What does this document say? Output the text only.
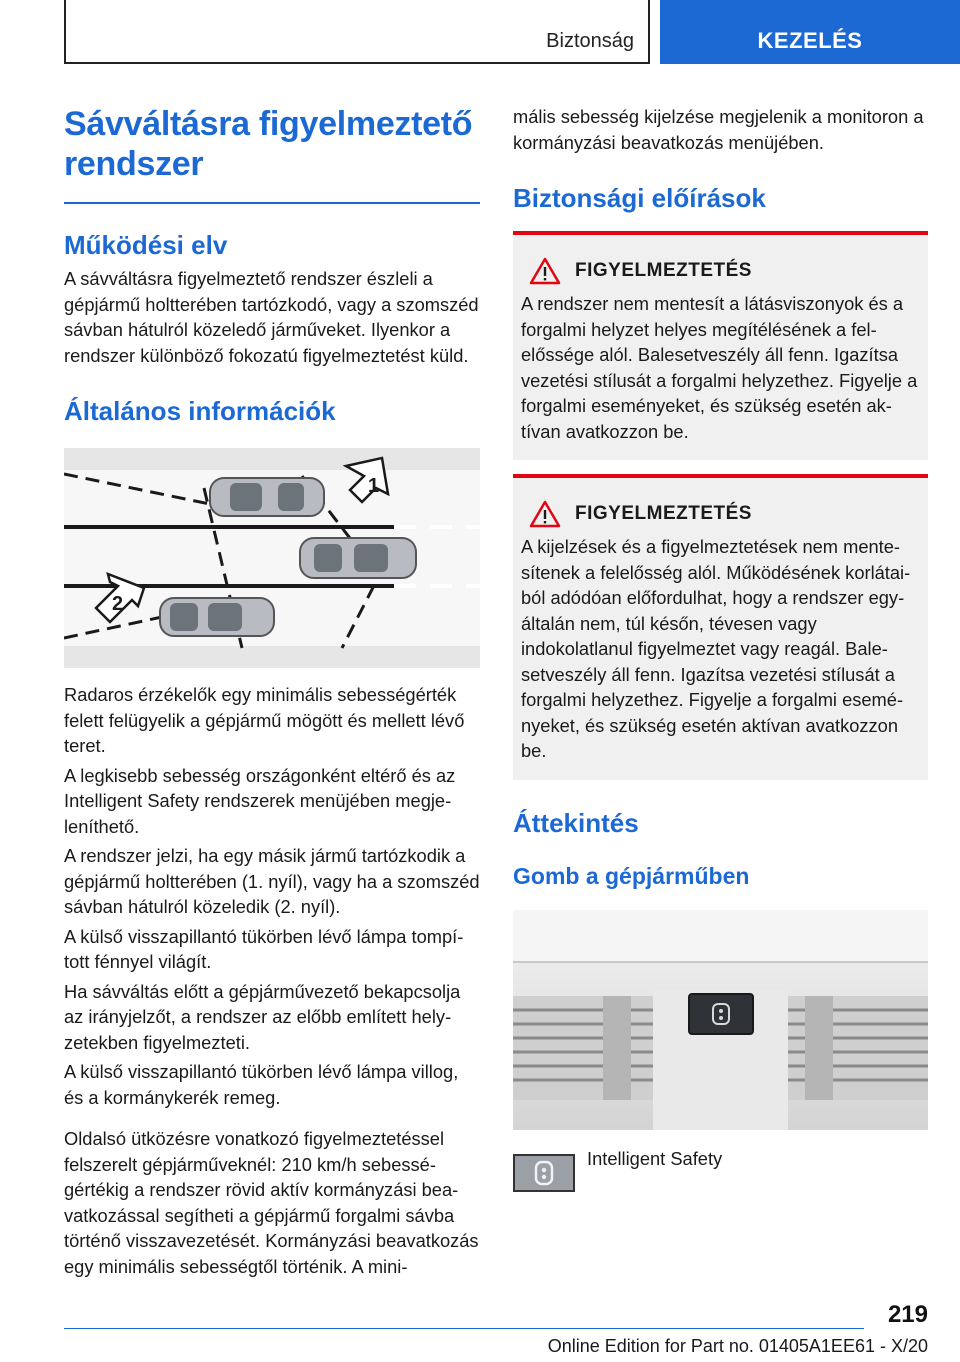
Biztonság	KEZELÉS
Sávváltásra figyelmeztető rendszer
Működési elv

A sávváltásra figyelmeztető rendszer észleli a gépjármű holtterében tartózkodó, vagy a szomszéd sávban hátulról közeledő járműveket. Ilyenkor a rendszer különböző fokozatú figyelmeztetést küld.

Általános információk
1
2

Radaros érzékelők egy minimális sebességérték felett felügyelik a gépjármű mögött és mellett lévő teret.

A legkisebb sebesség országonként eltérő és az Intelligent Safety rendszerek menüjében megjeleníthető.

A rendszer jelzi, ha egy másik jármű tartózkodik a gépjármű holtterében (1. nyíl), vagy ha a szomszéd sávban hátulról közeledik (2. nyíl).

A külső visszapillantó tükörben lévő lámpa tompított fénnyel világít.

Ha sávváltás előtt a gépjárművezető bekapcsolja az irányjelzőt, a rendszer az előbb említett helyzetekben figyelmezteti.

A külső visszapillantó tükörben lévő lámpa villog, és a kormánykerék remeg.

Oldalsó ütközésre vonatkozó figyelmeztetéssel felszerelt gépjárműveknél: 210 km/h sebességértékig a rendszer rövid aktív kormányzási beavatkozással segítheti a gépjármű forgalmi sávba történő visszavezetését. Kormányzási beavatkozás egy minimális sebességtől történik. A mini-

mális sebesség kijelzése megjelenik a monitoron a kormányzási beavatkozás menüjében.

Biztonsági előírások
FIGYELMEZTETÉS

A rendszer nem mentesít a látásviszonyok és a forgalmi helyzet helyes megítélésének a felelőssége alól. Balesetveszély áll fenn. Igazítsa vezetési stílusát a forgalmi helyzethez. Figyelje a forgalmi eseményeket, és szükség esetén aktívan avatkozzon be.

FIGYELMEZTETÉS

A kijelzések és a figyelmeztetések nem mentesítenek a felelősség alól. Működésének korlátaiból adódóan előfordulhat, hogy a rendszer egyáltalán nem, túl későn, tévesen vagy indokolatlanul figyelmeztet vagy reagál. Balesetveszély áll fenn. Igazítsa vezetési stílusát a forgalmi helyzethez. Figyelje a forgalmi eseményeket, és szükség esetén aktívan avatkozzon be.

Áttekintés
Gomb a gépjárműben
Intelligent Safety
219
Online Edition for Part no. 01405A1EE61 - X/20
